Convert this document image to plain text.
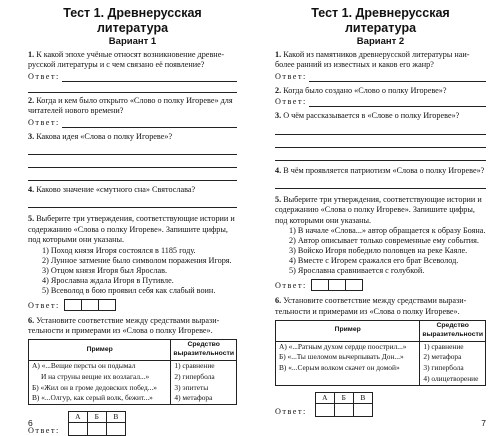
Тест 1. Древнерусская литература

Вариант 1

1. К какой эпохе учёные относят возникновение древнерусской литературы и с чем связано её появление?

Ответ:

2. Когда и кем было открыто «Слово о полку Игореве» для читателей нового времени?

Ответ:

3. Какова идея «Слова о полку Игореве»?

4. Каково значение «смутного сна» Святослава?

5. Выберите три утверждения, соответствующие истории и содержанию «Слова о полку Игореве». Запишите цифры, под которыми они указаны.

1) Поход князя Игоря состоялся в 1185 году.

2) Лунное затмение было символом поражения Игоря.

3) Отцом князя Игоря был Ярослав.

4) Ярославна ждала Игоря в Путивле.

5) Всеволод в бою проявил себя как слабый воин.

Ответ:

6. Установите соответствие между средствами выразительности и примерами из «Слова о полку Игореве».

Пример	Средство выразительности
А) «...Вещие персты он подымал	1) сравнение
И на струны вещие их возлагал...»	2) гипербола
Б) «Жил он в громе дедовских побед...»	3) эпитеты
В) «...Олгур, как серый волк, бежит...»	4) метафора
Ответ:
А	Б	В

6

Тест 1. Древнерусская литература

Вариант 2

1. Какой из памятников древнерусской литературы наиболее ранний из известных и каков его жанр?

Ответ:

2. Когда было создано «Слово о полку Игореве»?

Ответ:

3. О чём рассказывается в «Слове о полку Игореве»?

4. В чём проявляется патриотизм «Слова о полку Игореве»?

5. Выберите три утверждения, соответствующие истории и содержанию «Слова о полку Игореве». Запишите цифры, под которыми они указаны.

1) В начале «Слова...» автор обращается к образу Бояна.

2) Автор описывает только современные ему события.

3) Войско Игоря победило половцев на реке Каяле.

4) Вместе с Игорем сражался его брат Всеволод.

5) Ярославна сравнивается с голубкой.

Ответ:

6. Установите соответствие между средствами выразительности и примерами из «Слова о полку Игореве».

Пример	Средство выразительности
А) «...Ратным духом сердце поострил...»	1) сравнение
Б) «...Ты шеломом вычерпывать Дон...»	2) метафора
В) «...Серым волком скачет он домой»	3) гипербола
	4) олицетворение
Ответ:
А	Б	В

7
